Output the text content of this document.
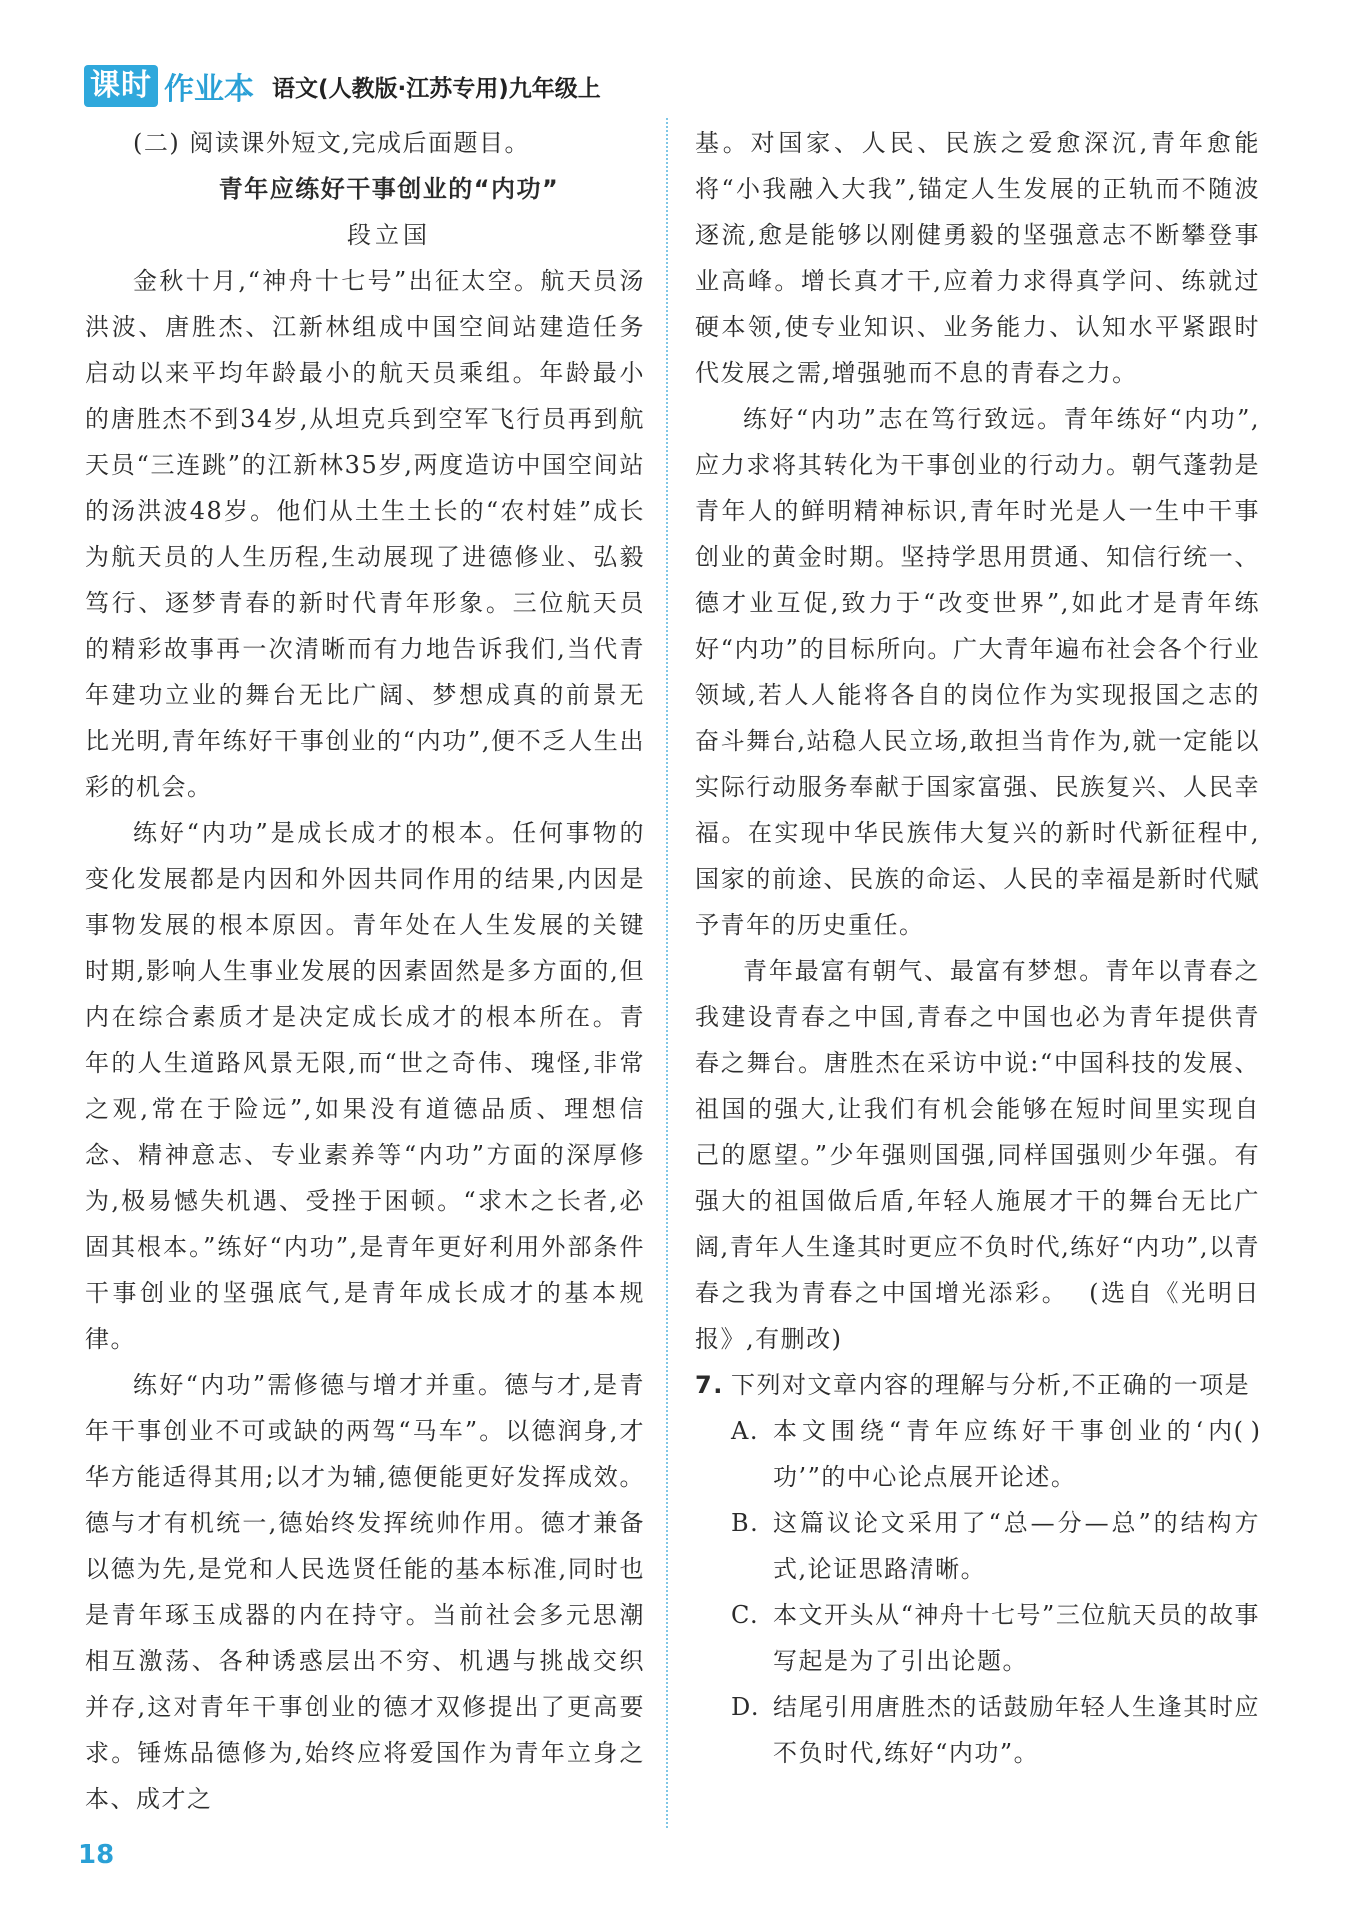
课时 作业本 语文(人教版·江苏专用)九年级上

(二) 阅读课外短文,完成后面题目。

青年应练好干事创业的“内功”

段立国

金秋十月,“神舟十七号”出征太空。航天员汤洪波、唐胜杰、江新林组成中国空间站建造任务启动以来平均年龄最小的航天员乘组。年龄最小的唐胜杰不到34岁,从坦克兵到空军飞行员再到航天员“三连跳”的江新林35岁,两度造访中国空间站的汤洪波48岁。他们从土生土长的“农村娃”成长为航天员的人生历程,生动展现了进德修业、弘毅笃行、逐梦青春的新时代青年形象。三位航天员的精彩故事再一次清晰而有力地告诉我们,当代青年建功立业的舞台无比广阔、梦想成真的前景无比光明,青年练好干事创业的“内功”,便不乏人生出彩的机会。

练好“内功”是成长成才的根本。任何事物的变化发展都是内因和外因共同作用的结果,内因是事物发展的根本原因。青年处在人生发展的关键时期,影响人生事业发展的因素固然是多方面的,但内在综合素质才是决定成长成才的根本所在。青年的人生道路风景无限,而“世之奇伟、瑰怪,非常之观,常在于险远”,如果没有道德品质、理想信念、精神意志、专业素养等“内功”方面的深厚修为,极易憾失机遇、受挫于困顿。“求木之长者,必固其根本。”练好“内功”,是青年更好利用外部条件干事创业的坚强底气,是青年成长成才的基本规律。

练好“内功”需修德与增才并重。德与才,是青年干事创业不可或缺的两驾“马车”。以德润身,才华方能适得其用;以才为辅,德便能更好发挥成效。德与才有机统一,德始终发挥统帅作用。德才兼备以德为先,是党和人民选贤任能的基本标准,同时也是青年琢玉成器的内在持守。当前社会多元思潮相互激荡、各种诱惑层出不穷、机遇与挑战交织并存,这对青年干事创业的德才双修提出了更高要求。锤炼品德修为,始终应将爱国作为青年立身之本、成才之

基。对国家、人民、民族之爱愈深沉,青年愈能将“小我融入大我”,锚定人生发展的正轨而不随波逐流,愈是能够以刚健勇毅的坚强意志不断攀登事业高峰。增长真才干,应着力求得真学问、练就过硬本领,使专业知识、业务能力、认知水平紧跟时代发展之需,增强驰而不息的青春之力。

练好“内功”志在笃行致远。青年练好“内功”,应力求将其转化为干事创业的行动力。朝气蓬勃是青年人的鲜明精神标识,青年时光是人一生中干事创业的黄金时期。坚持学思用贯通、知信行统一、德才业互促,致力于“改变世界”,如此才是青年练好“内功”的目标所向。广大青年遍布社会各个行业领域,若人人能将各自的岗位作为实现报国之志的奋斗舞台,站稳人民立场,敢担当肯作为,就一定能以实际行动服务奉献于国家富强、民族复兴、人民幸福。在实现中华民族伟大复兴的新时代新征程中,国家的前途、民族的命运、人民的幸福是新时代赋予青年的历史重任。

青年最富有朝气、最富有梦想。青年以青春之我建设青春之中国,青春之中国也必为青年提供青春之舞台。唐胜杰在采访中说:“中国科技的发展、祖国的强大,让我们有机会能够在短时间里实现自己的愿望。”少年强则国强,同样国强则少年强。有强大的祖国做后盾,年轻人施展才干的舞台无比广阔,青年人生逢其时更应不负时代,练好“内功”,以青春之我为青春之中国增光添彩。 (选自《光明日报》,有删改)

7. 下列对文章内容的理解与分析,不正确的一项是
( )
A. 本文围绕“青年应练好干事创业的‘内功’”的中心论点展开论述。
B. 这篇议论文采用了“总—分—总”的结构方式,论证思路清晰。
C. 本文开头从“神舟十七号”三位航天员的故事写起是为了引出论题。
D. 结尾引用唐胜杰的话鼓励年轻人生逢其时应不负时代,练好“内功”。
18
